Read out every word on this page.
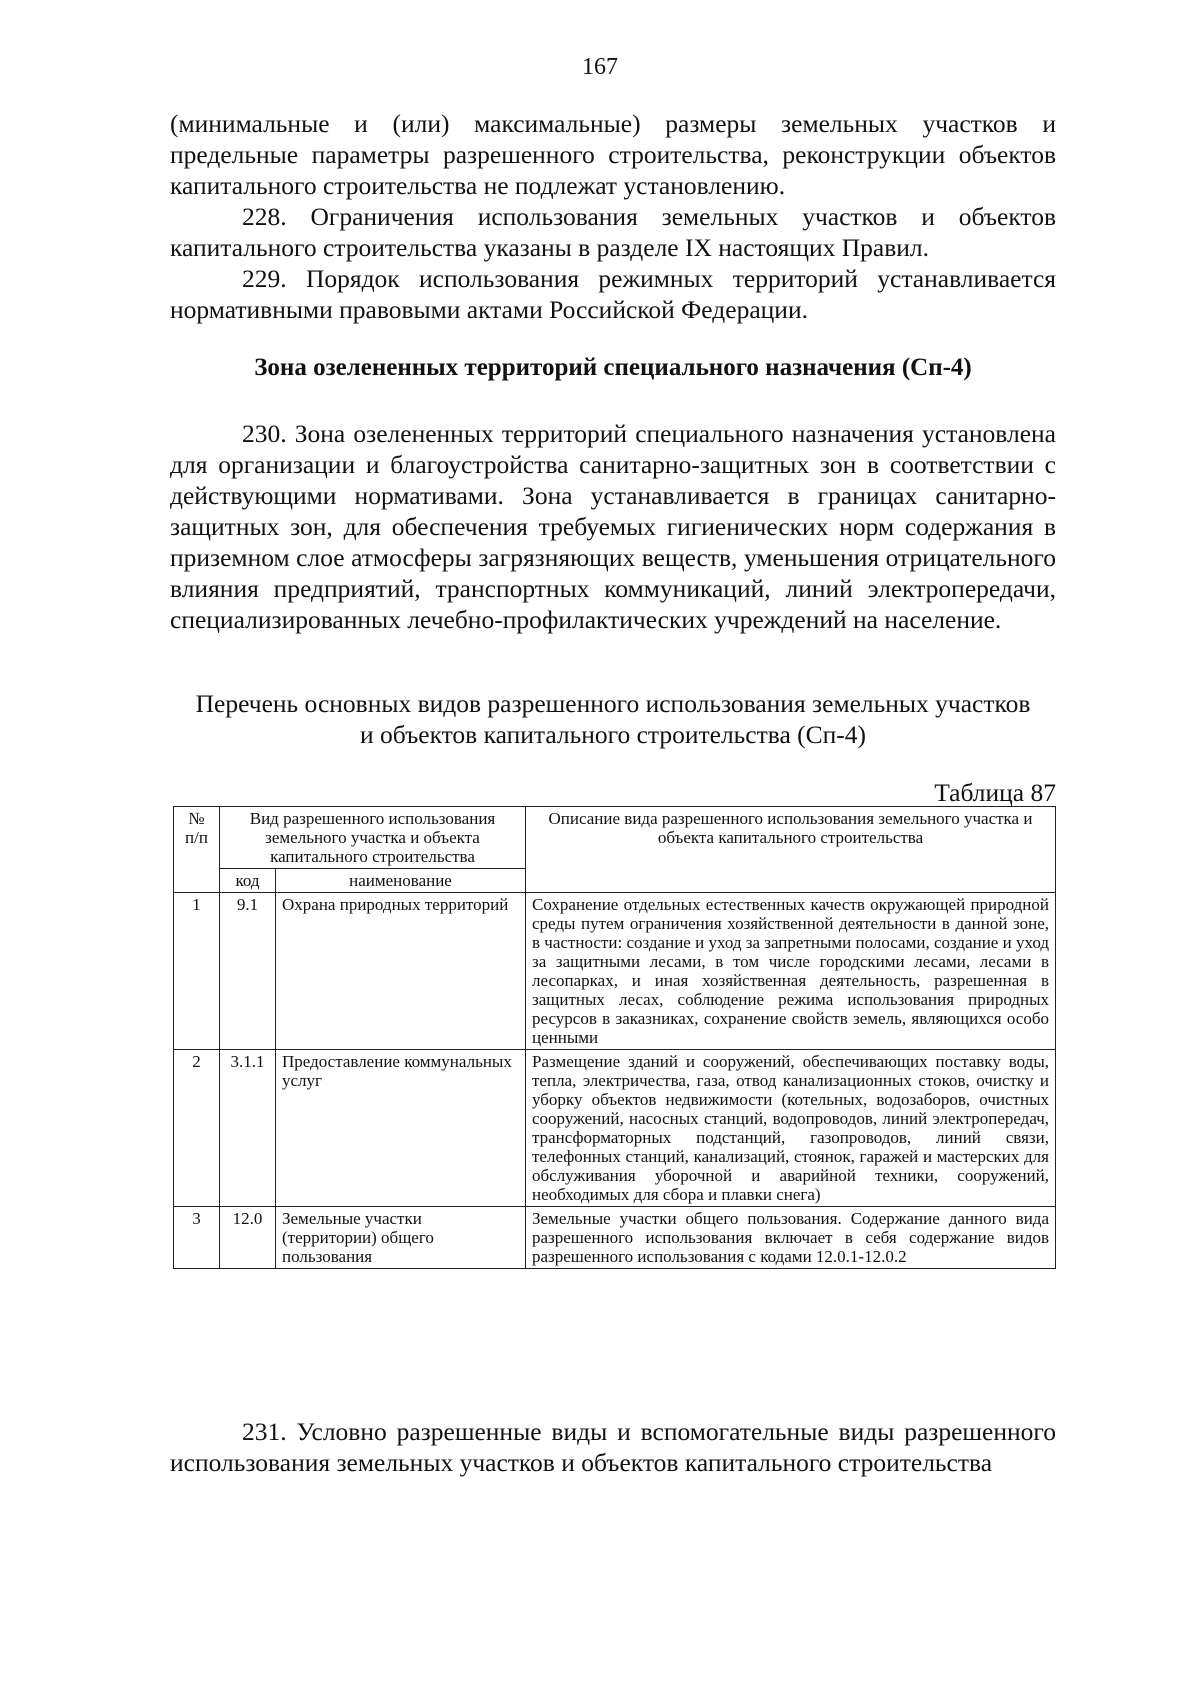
167

(минимальные и (или) максимальные) размеры земельных участков и предельные параметры разрешенного строительства, реконструкции объектов капитального строительства не подлежат установлению.

228. Ограничения использования земельных участков и объектов капитального строительства указаны в разделе IX настоящих Правил.

229. Порядок использования режимных территорий устанавливается нормативными правовыми актами Российской Федерации.

Зона озелененных территорий специального назначения (Сп-4)

230. Зона озелененных территорий специального назначения установлена для организации и благоустройства санитарно-защитных зон в соответствии с действующими нормативами. Зона устанавливается в границах санитарно-защитных зон, для обеспечения требуемых гигиенических норм содержания в приземном слое атмосферы загрязняющих веществ, уменьшения отрицательного влияния предприятий, транспортных коммуникаций, линий электропередачи, специализированных лечебно-профилактических учреждений на население.

Перечень основных видов разрешенного использования земельных участков
и объектов капитального строительства (Сп-4)
Таблица 87
№ п/п	Вид разрешенного использования земельного участка и объекта капитального строительства		Описание вида разрешенного использования земельного участка и объекта капитального строительства
	код	наименование	
1	9.1	Охрана природных территорий	Сохранение отдельных естественных качеств окружающей природной среды путем ограничения хозяйственной деятельности в данной зоне, в частности: создание и уход за запретными полосами, создание и уход за защитными лесами, в том числе городскими лесами, лесами в лесопарках, и иная хозяйственная деятельность, разрешенная в защитных лесах, соблюдение режима использования природных ресурсов в заказниках, сохранение свойств земель, являющихся особо ценными
2	3.1.1	Предоставление коммунальных услуг	Размещение зданий и сооружений, обеспечивающих поставку воды, тепла, электричества, газа, отвод канализационных стоков, очистку и уборку объектов недвижимости (котельных, водозаборов, очистных сооружений, насосных станций, водопроводов, линий электропередач, трансформаторных подстанций, газопроводов, линий связи, телефонных станций, канализаций, стоянок, гаражей и мастерских для обслуживания уборочной и аварийной техники, сооружений, необходимых для сбора и плавки снега)
3	12.0	Земельные участки (территории) общего пользования	Земельные участки общего пользования. Содержание данного вида разрешенного использования включает в себя содержание видов разрешенного использования с кодами 12.0.1-12.0.2

231. Условно разрешенные виды и вспомогательные виды разрешенного использования земельных участков и объектов капитального строительства
